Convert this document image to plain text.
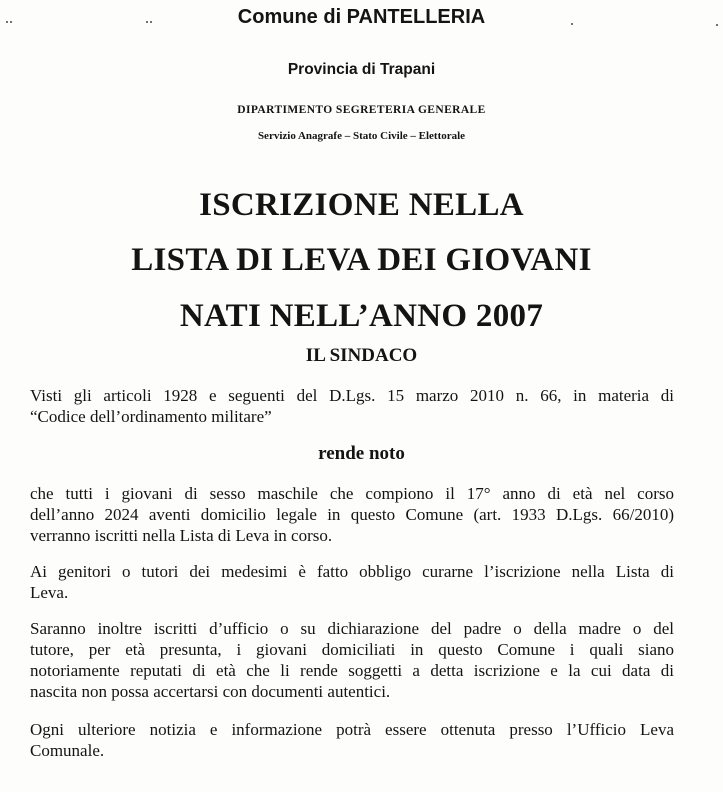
Comune di PANTELLERIA
Provincia di Trapani
DIPARTIMENTO SEGRETERIA GENERALE
Servizio Anagrafe – Stato Civile – Elettorale
ISCRIZIONE NELLA
LISTA DI LEVA DEI GIOVANI
NATI NELL’ANNO 2007
IL SINDACO
Visti gli articoli 1928 e seguenti del D.Lgs. 15 marzo 2010 n. 66, in materia di
“Codice dell’ordinamento militare”
rende noto
che tutti i giovani di sesso maschile che compiono il 17° anno di età nel corso
dell’anno 2024 aventi domicilio legale in questo Comune (art. 1933 D.Lgs. 66/2010)
verranno iscritti nella Lista di Leva in corso.
Ai genitori o tutori dei medesimi è fatto obbligo curarne l’iscrizione nella Lista di
Leva.
Saranno inoltre iscritti d’ufficio o su dichiarazione del padre o della madre o del
tutore, per età presunta, i giovani domiciliati in questo Comune i quali siano
notoriamente reputati di età che li rende soggetti a detta iscrizione e la cui data di
nascita non possa accertarsi con documenti autentici.
Ogni ulteriore notizia e informazione potrà essere ottenuta presso l’Ufficio Leva
Comunale.
